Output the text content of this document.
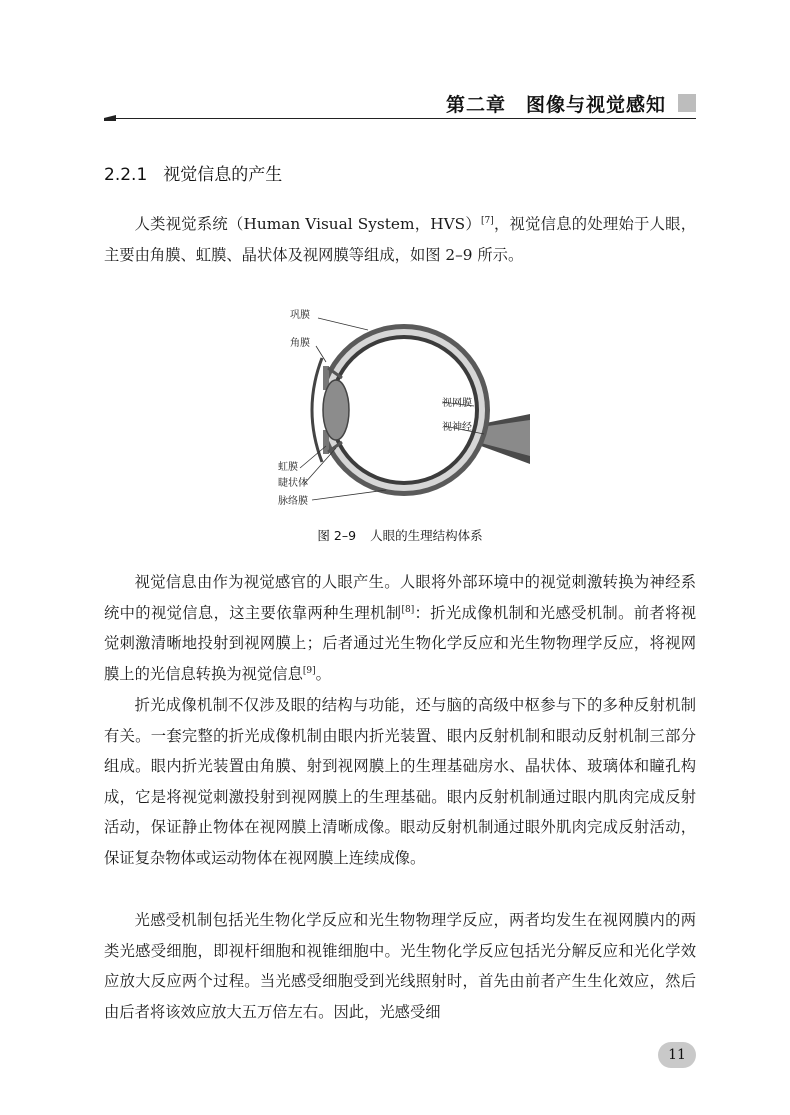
第二章　图像与视觉感知
2.2.1 视觉信息的产生

人类视觉系统（Human Visual System，HVS）[7]，视觉信息的处理始于人眼，主要由角膜、虹膜、晶状体及视网膜等组成，如图 2–9 所示。

巩膜
角膜
视网膜
视神经
虹膜
睫状体
脉络膜
图 2–9 人眼的生理结构体系

视觉信息由作为视觉感官的人眼产生。人眼将外部环境中的视觉刺激转换为神经系统中的视觉信息，这主要依靠两种生理机制[8]：折光成像机制和光感受机制。前者将视觉刺激清晰地投射到视网膜上；后者通过光生物化学反应和光生物物理学反应，将视网膜上的光信息转换为视觉信息[9]。

折光成像机制不仅涉及眼的结构与功能，还与脑的高级中枢参与下的多种反射机制有关。一套完整的折光成像机制由眼内折光装置、眼内反射机制和眼动反射机制三部分组成。眼内折光装置由角膜、射到视网膜上的生理基础房水、晶状体、玻璃体和瞳孔构成，它是将视觉刺激投射到视网膜上的生理基础。眼内反射机制通过眼内肌肉完成反射活动，保证静止物体在视网膜上清晰成像。眼动反射机制通过眼外肌肉完成反射活动，保证复杂物体或运动物体在视网膜上连续成像。

光感受机制包括光生物化学反应和光生物物理学反应，两者均发生在视网膜内的两类光感受细胞，即视杆细胞和视锥细胞中。光生物化学反应包括光分解反应和光化学效应放大反应两个过程。当光感受细胞受到光线照射时，首先由前者产生生化效应，然后由后者将该效应放大五万倍左右。因此，光感受细

11
